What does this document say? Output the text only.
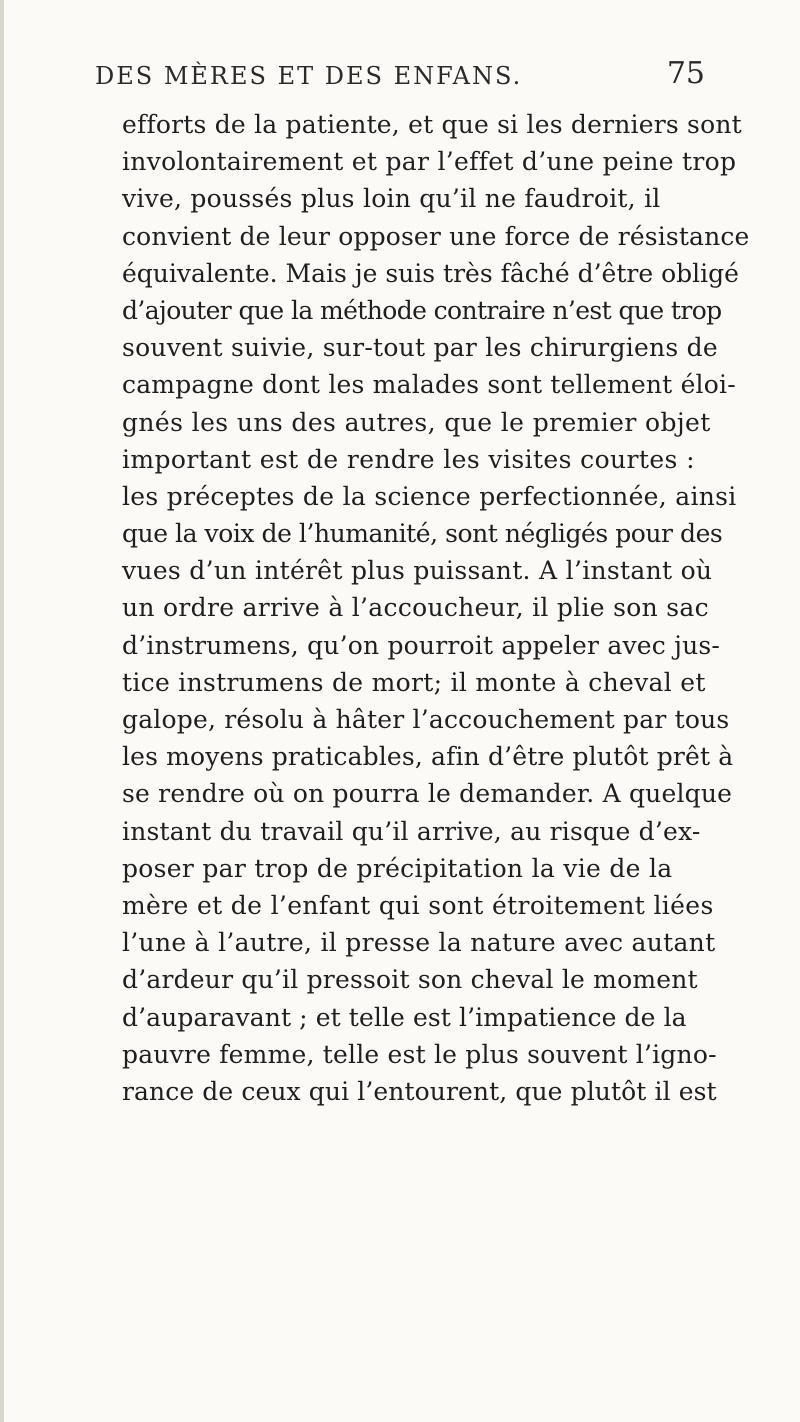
DES MÈRES ET DES ENFANS.	75
efforts de la patiente, et que si les derniers sont
involontairement et par l’effet d’une peine trop
vive, poussés plus loin qu’il ne faudroit, il
convient de leur opposer une force de résistance
équivalente. Mais je suis très fâché d’être obligé
d’ajouter que la méthode contraire n’est que trop
souvent suivie, sur-tout par les chirurgiens de
campagne dont les malades sont tellement éloi-
gnés les uns des autres, que le premier objet
important est de rendre les visites courtes :
les préceptes de la science perfectionnée, ainsi
que la voix de l’humanité, sont négligés pour des
vues d’un intérêt plus puissant. A l’instant où
un ordre arrive à l’accoucheur, il plie son sac
d’instrumens, qu’on pourroit appeler avec jus-
tice instrumens de mort; il monte à cheval et
galope, résolu à hâter l’accouchement par tous
les moyens praticables, afin d’être plutôt prêt à
se rendre où on pourra le demander. A quelque
instant du travail qu’il arrive, au risque d’ex-
poser par trop de précipitation la vie de la
mère et de l’enfant qui sont étroitement liées
l’une à l’autre, il presse la nature avec autant
d’ardeur qu’il pressoit son cheval le moment
d’auparavant ; et telle est l’impatience de la
pauvre femme, telle est le plus souvent l’igno-
rance de ceux qui l’entourent, que plutôt il est
